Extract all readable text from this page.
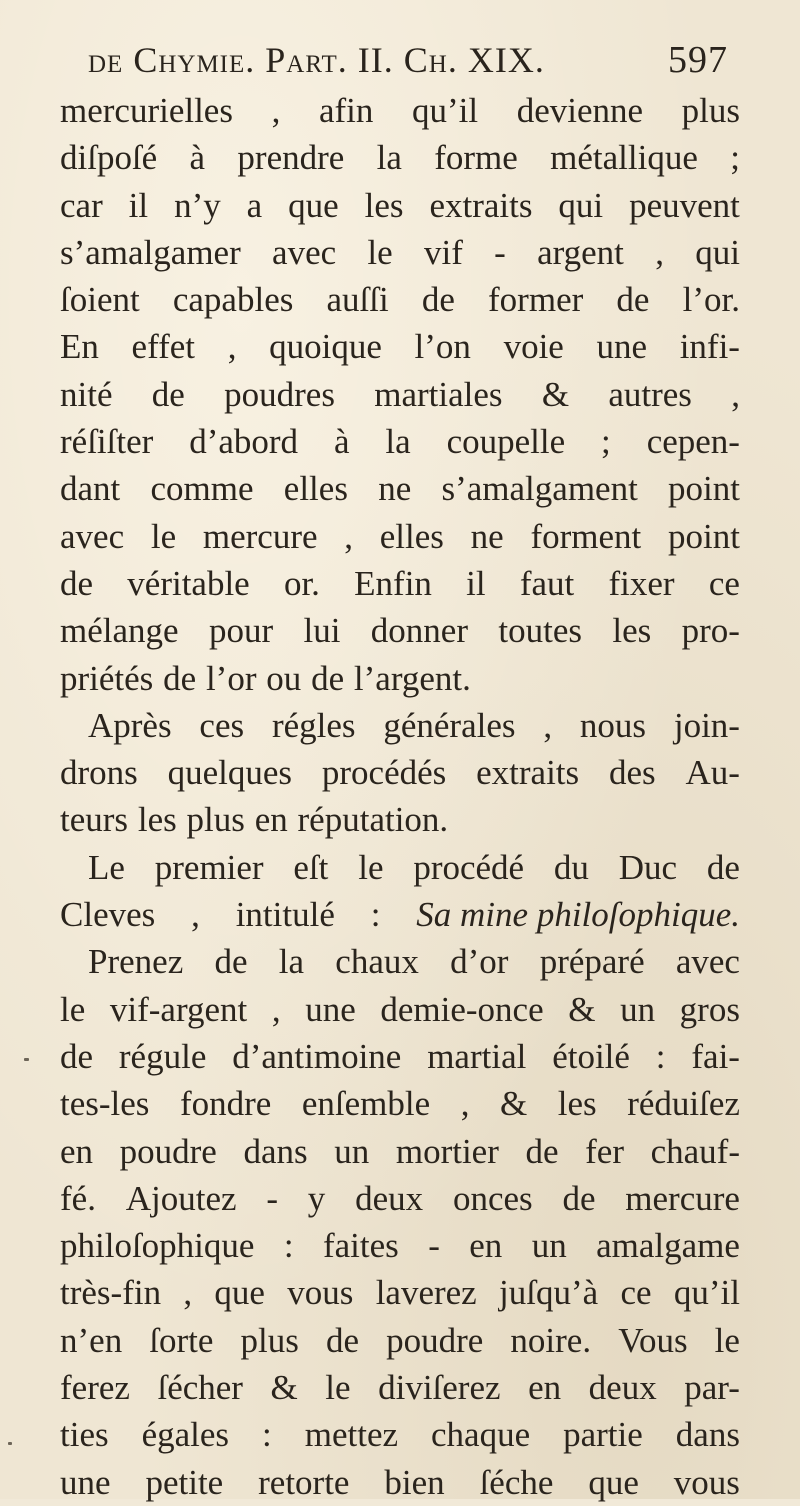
de Chymie. Part. II. Ch. XIX.	597
mercurielles , afin qu’il devienne plus
diſpoſé à prendre la forme métallique ;
car il n’y a que les extraits qui peuvent
s’amalgamer avec le vif - argent , qui
ſoient capables auſſi de former de l’or.
En effet , quoique l’on voie une infi-
nité de poudres martiales & autres ,
réſiſter d’abord à la coupelle ; cepen-
dant comme elles ne s’amalgament point
avec le mercure , elles ne forment point
de véritable or. Enfin il faut fixer ce
mélange pour lui donner toutes les pro-
priétés de l’or ou de l’argent.
Après ces régles générales , nous join-
drons quelques procédés extraits des Au-
teurs les plus en réputation.
Le premier eſt le procédé du Duc de
Cleves , intitulé : Sa mine philoſophique.
Prenez de la chaux d’or préparé avec
le vif-argent , une demie-once & un gros
de régule d’antimoine martial étoilé : fai-
tes-les fondre enſemble , & les réduiſez
en poudre dans un mortier de fer chauf-
fé. Ajoutez - y deux onces de mercure
philoſophique : faites - en un amalgame
très-fin , que vous laverez juſqu’à ce qu’il
n’en ſorte plus de poudre noire. Vous le
ferez ſécher & le diviſerez en deux par-
ties égales : mettez chaque partie dans
une petite retorte bien ſéche que vous
